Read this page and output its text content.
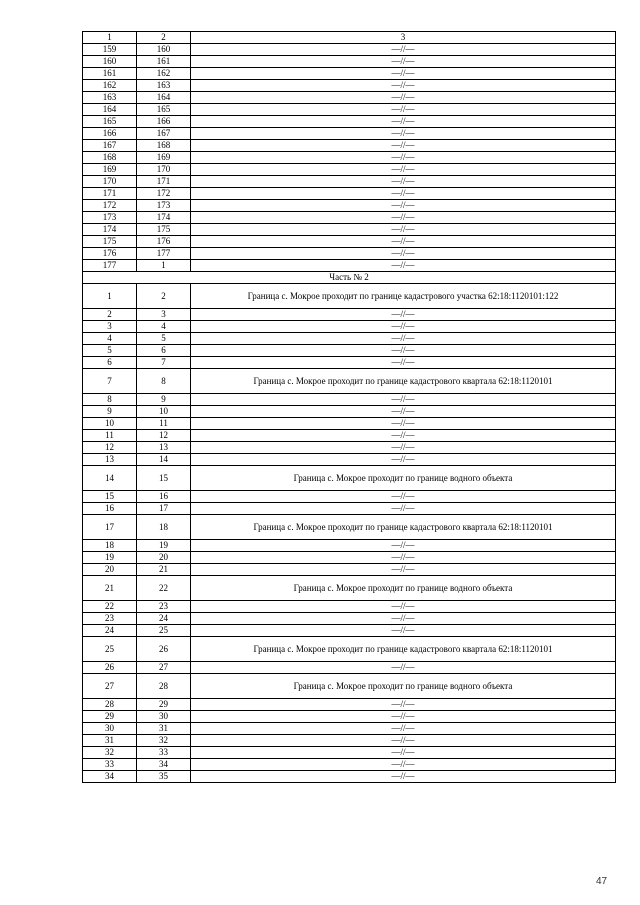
1	2	3
159	160	—//—
160	161	—//—
161	162	—//—
162	163	—//—
163	164	—//—
164	165	—//—
165	166	—//—
166	167	—//—
167	168	—//—
168	169	—//—
169	170	—//—
170	171	—//—
171	172	—//—
172	173	—//—
173	174	—//—
174	175	—//—
175	176	—//—
176	177	—//—
177	1	—//—
Часть № 2		
1	2	Граница с. Мокрое проходит по границе кадастрового участка 62:18:1120101:122
2	3	—//—
3	4	—//—
4	5	—//—
5	6	—//—
6	7	—//—
7	8	Граница с. Мокрое проходит по границе кадастрового квартала 62:18:1120101
8	9	—//—
9	10	—//—
10	11	—//—
11	12	—//—
12	13	—//—
13	14	—//—
14	15	Граница с. Мокрое проходит по границе водного объекта
15	16	—//—
16	17	—//—
17	18	Граница с. Мокрое проходит по границе кадастрового квартала 62:18:1120101
18	19	—//—
19	20	—//—
20	21	—//—
21	22	Граница с. Мокрое проходит по границе водного объекта
22	23	—//—
23	24	—//—
24	25	—//—
25	26	Граница с. Мокрое проходит по границе кадастрового квартала 62:18:1120101
26	27	—//—
27	28	Граница с. Мокрое проходит по границе водного объекта
28	29	—//—
29	30	—//—
30	31	—//—
31	32	—//—
32	33	—//—
33	34	—//—
34	35	—//—
47
